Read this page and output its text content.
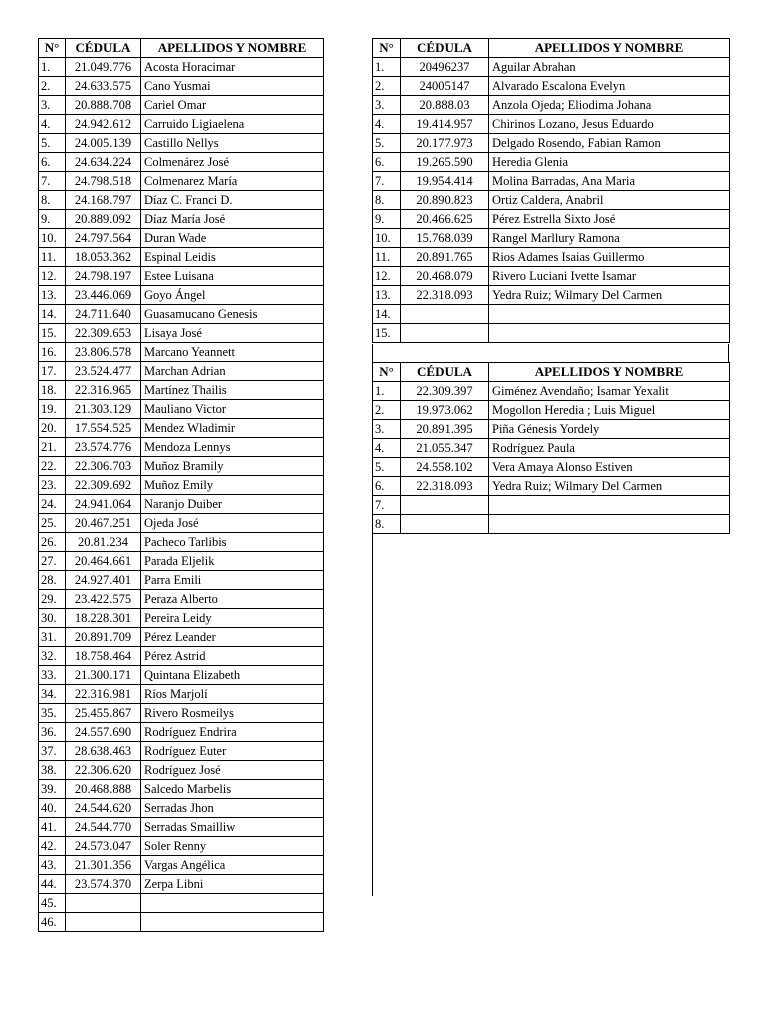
N°	CÉDULA	APELLIDOS Y NOMBRE
1.	21.049.776	Acosta Horacimar
2.	24.633.575	Cano Yusmai
3.	20.888.708	Cariel Omar
4.	24.942.612	Carruido Ligiaelena
5.	24.005.139	Castillo Nellys
6.	24.634.224	Colmenárez José
7.	24.798.518	Colmenarez María
8.	24.168.797	Díaz C. Franci D.
9.	20.889.092	Díaz María José
10.	24.797.564	Duran Wade
11.	18.053.362	Espinal Leidis
12.	24.798.197	Estee Luisana
13.	23.446.069	Goyo Ángel
14.	24.711.640	Guasamucano Genesis
15.	22.309.653	Lisaya José
16.	23.806.578	Marcano Yeannett
17.	23.524.477	Marchan Adrian
18.	22.316.965	Martínez Thailis
19.	21.303.129	Mauliano Victor
20.	17.554.525	Mendez Wladimir
21.	23.574.776	Mendoza Lennys
22.	22.306.703	Muñoz Bramily
23.	22.309.692	Muñoz Emily
24.	24.941.064	Naranjo Duiber
25.	20.467.251	Ojeda José
26.	20.81.234	Pacheco Tarlibis
27.	20.464.661	Parada Eljelik
28.	24.927.401	Parra Emili
29.	23.422.575	Peraza Alberto
30.	18.228.301	Pereira Leidy
31.	20.891.709	Pérez Leander
32.	18.758.464	Pérez Astrid
33.	21.300.171	Quintana Elizabeth
34.	22.316.981	Ríos Marjolí
35.	25.455.867	Rivero Rosmeilys
36.	24.557.690	Rodríguez Endrira
37.	28.638.463	Rodríguez Euter
38.	22.306.620	Rodríguez José
39.	20.468.888	Salcedo Marbelis
40.	24.544.620	Serradas Jhon
41.	24.544.770	Serradas Smailliw
42.	24.573.047	Soler Renny
43.	21.301.356	Vargas Angélica
44.	23.574.370	Zerpa Libni
45.		
46.		
N°	CÉDULA	APELLIDOS Y NOMBRE
1.	20496237	Aguilar Abrahan
2.	24005147	Alvarado Escalona Evelyn
3.	20.888.03	Anzola Ojeda; Eliodima Johana
4.	19.414.957	Chirinos Lozano, Jesus Eduardo
5.	20.177.973	Delgado Rosendo, Fabian Ramon
6.	19.265.590	Heredia Glenia
7.	19.954.414	Molina Barradas, Ana Maria
8.	20.890.823	Ortiz Caldera, Anabril
9.	20.466.625	Pérez Estrella Sixto José
10.	15.768.039	Rangel Marllury Ramona
11.	20.891.765	Rios Adames Isaias Guillermo
12.	20.468.079	Rivero Luciani Ivette Isamar
13.	22.318.093	Yedra Ruiz; Wilmary Del Carmen
14.		
15.		
N°	CÉDULA	APELLIDOS Y NOMBRE
1.	22.309.397	Giménez Avendaño; Isamar Yexalit
2.	19.973.062	Mogollon Heredia ; Luis Miguel
3.	20.891.395	Piña Génesis Yordely
4.	21.055.347	Rodríguez Paula
5.	24.558.102	Vera Amaya Alonso Estiven
6.	22.318.093	Yedra Ruiz; Wilmary Del Carmen
7.		
8.		
